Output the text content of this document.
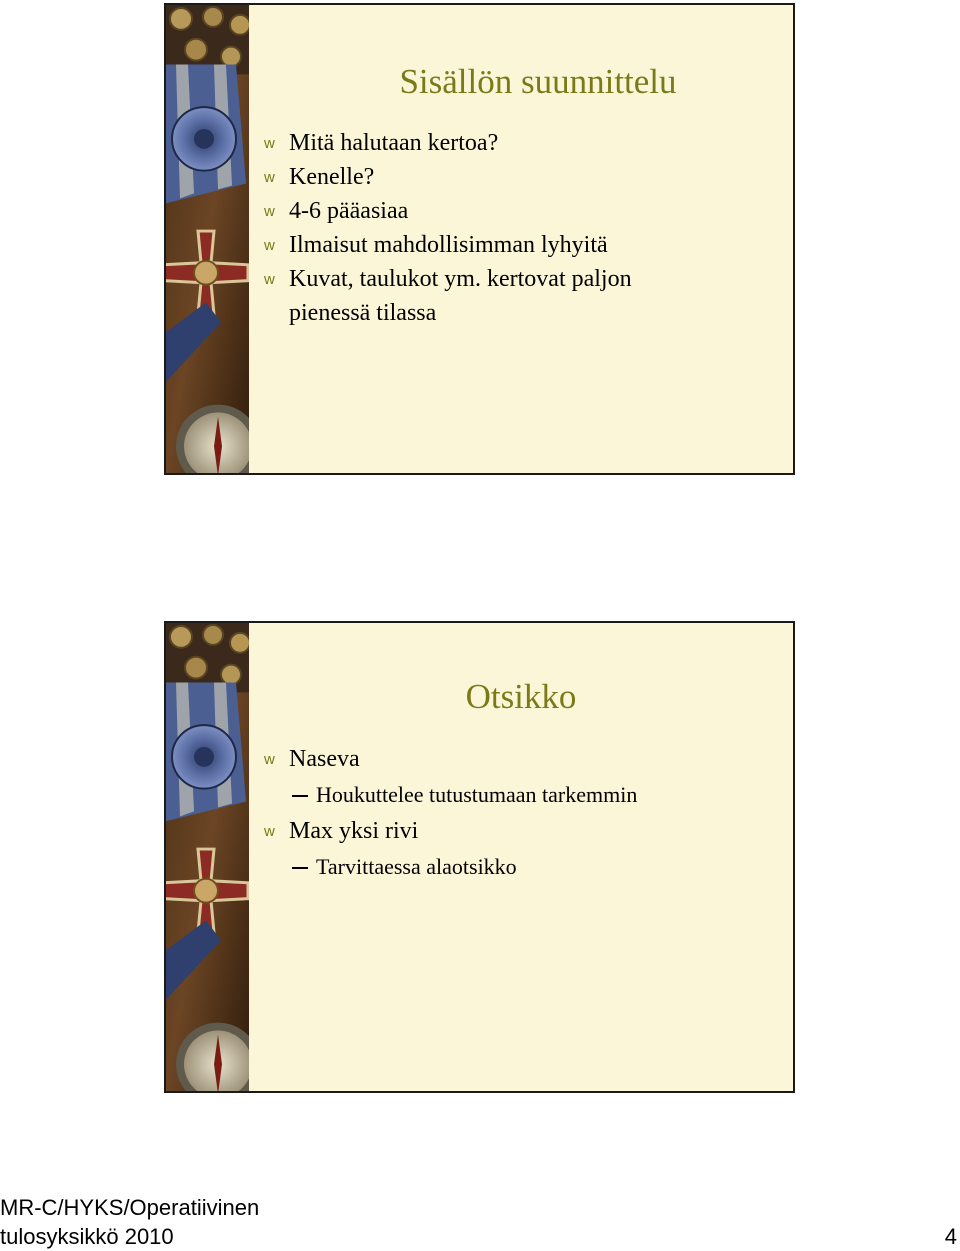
Sisällön suunnittelu
w Mitä halutaan kertoa?
w Kenelle?
w 4-6 pääasiaa
w Ilmaisut mahdollisimman lyhyitä
w Kuvat, taulukot ym. kertovat paljon pienessä tilassa
Otsikko
w Naseva
Houkuttelee tutustumaan tarkemmin
w Max yksi rivi
Tarvittaessa alaotsikko
MR-C/HYKS/Operatiivinen
tulosyksikkö 2010	4
